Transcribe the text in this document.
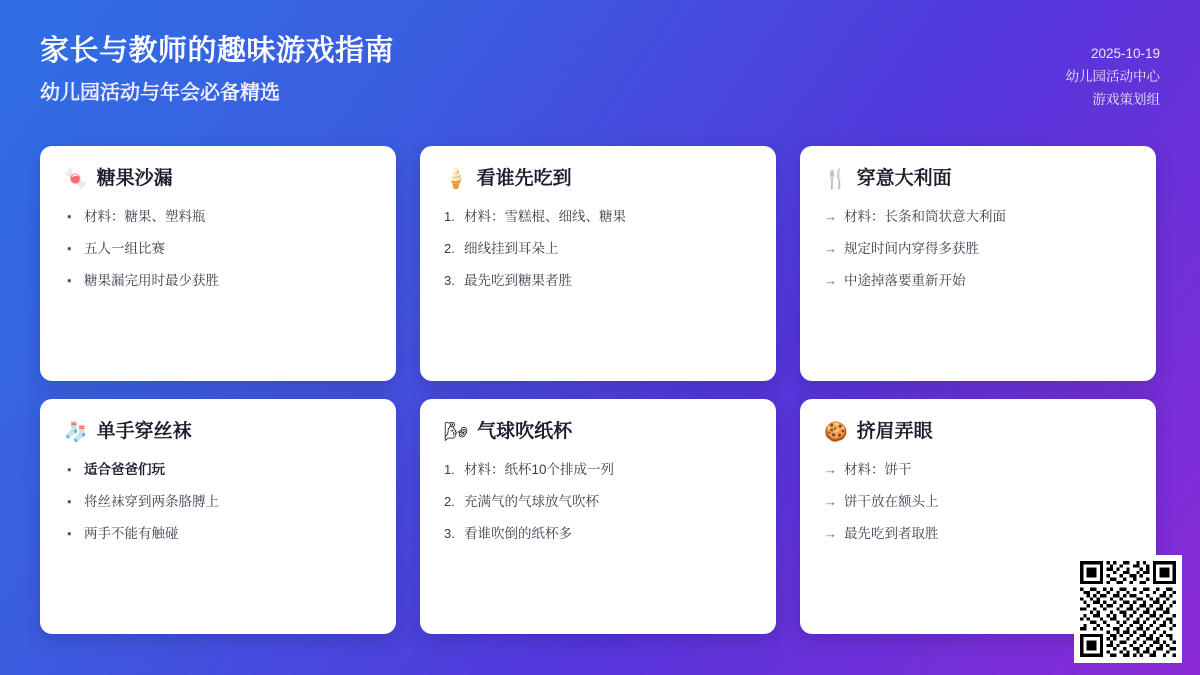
家长与教师的趣味游戏指南
幼儿园活动与年会必备精选
2025-10-19
幼儿园活动中心
游戏策划组
🍬 糖果沙漏
• 材料：糖果、塑料瓶
• 五人一组比赛
• 糖果漏完用时最少获胜
🍦 看谁先吃到
1. 材料：雪糕棍、细线、糖果
2. 细线挂到耳朵上
3. 最先吃到糖果者胜
🍴 穿意大利面
→ 材料：长条和筒状意大利面
→ 规定时间内穿得多获胜
→ 中途掉落要重新开始
🧦 单手穿丝袜
• 适合爸爸们玩
• 将丝袜穿到两条胳膊上
• 两手不能有触碰
🌬 气球吹纸杯
1. 材料：纸杯10个排成一列
2. 充满气的气球放气吹杯
3. 看谁吹倒的纸杯多
🍪 挤眉弄眼
→ 材料：饼干
→ 饼干放在额头上
→ 最先吃到者取胜
